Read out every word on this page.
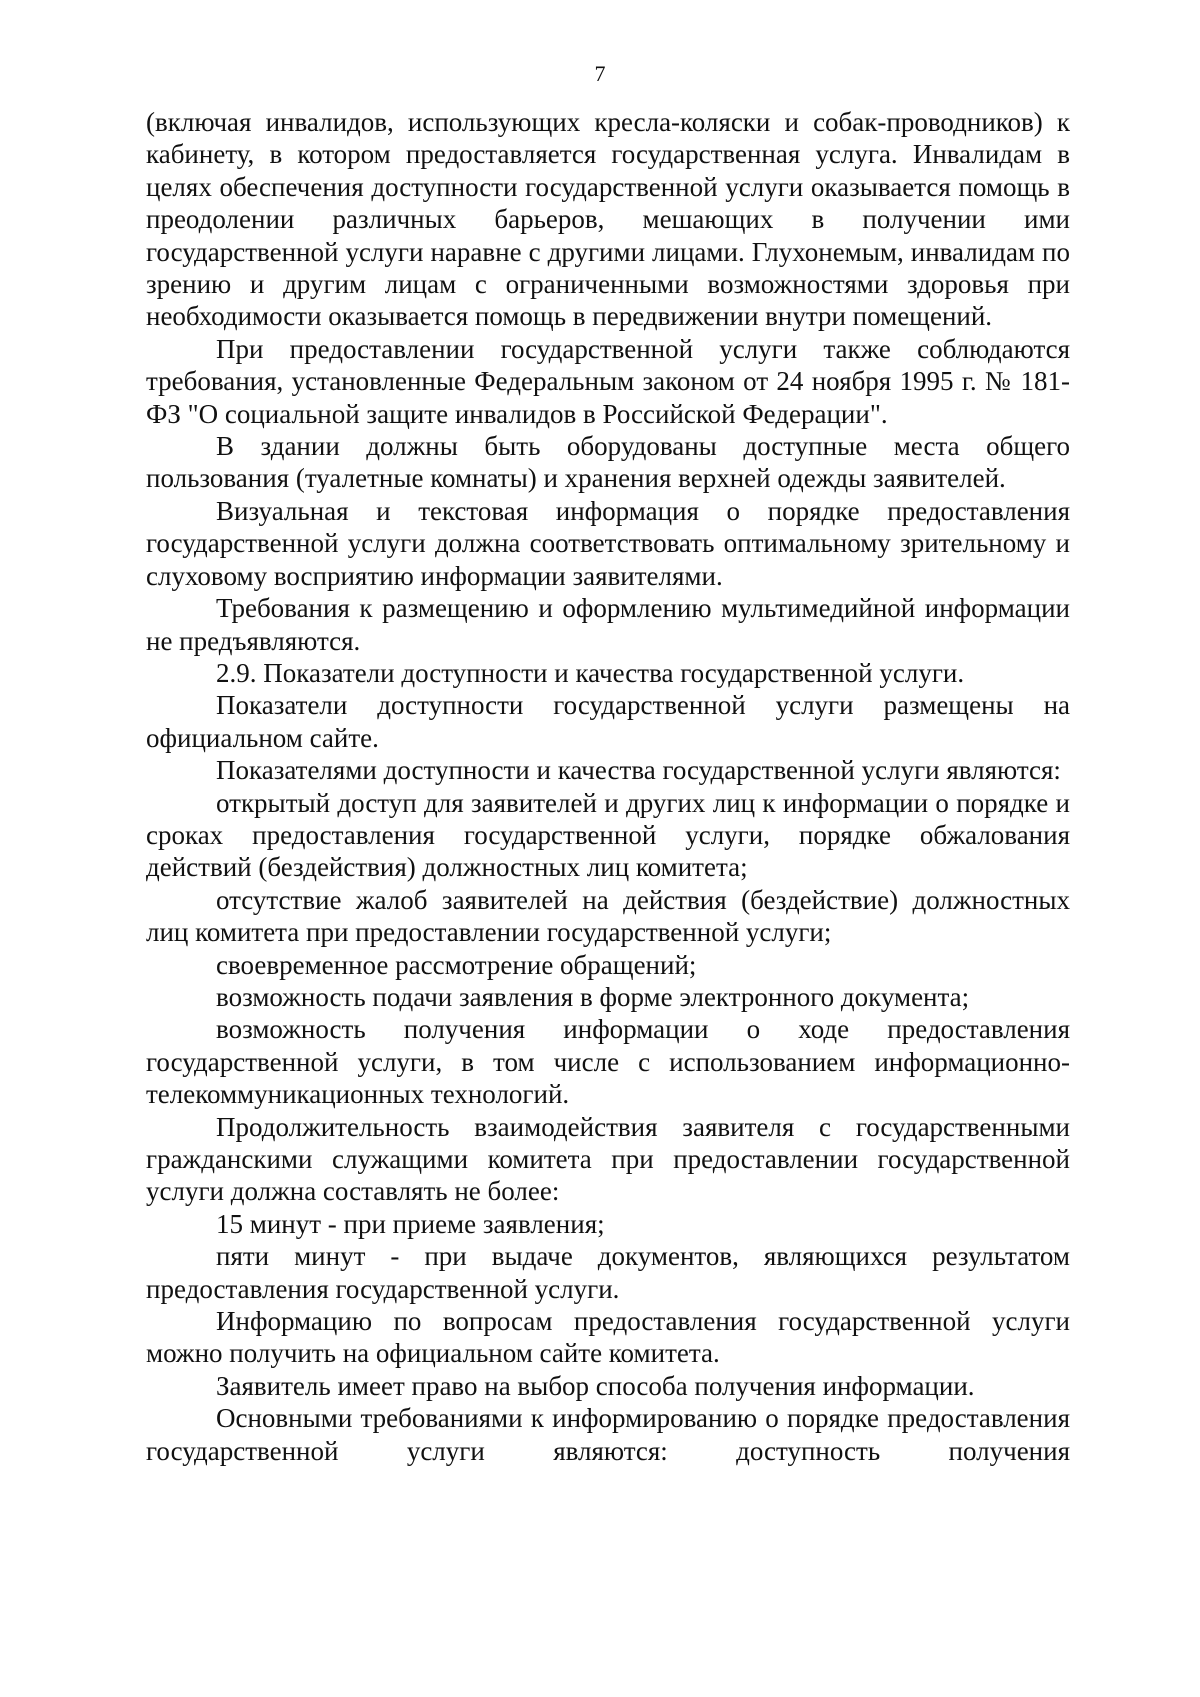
7

(включая инвалидов, использующих кресла-коляски и собак-проводников) к кабинету, в котором предоставляется государственная услуга. Инвалидам в целях обеспечения доступности государственной услуги оказывается помощь в преодолении различных барьеров, мешающих в получении ими государственной услуги наравне с другими лицами. Глухонемым, инвалидам по зрению и другим лицам с ограниченными возможностями здоровья при необходимости оказывается помощь в передвижении внутри помещений.

При предоставлении государственной услуги также соблюдаются требования, установленные Федеральным законом от 24 ноября 1995 г. № 181-ФЗ "О социальной защите инвалидов в Российской Федерации".

В здании должны быть оборудованы доступные места общего пользования (туалетные комнаты) и хранения верхней одежды заявителей.

Визуальная и текстовая информация о порядке предоставления государственной услуги должна соответствовать оптимальному зрительному и слуховому восприятию информации заявителями.

Требования к размещению и оформлению мультимедийной информации не предъявляются.

2.9. Показатели доступности и качества государственной услуги.

Показатели доступности государственной услуги размещены на официальном сайте.

Показателями доступности и качества государственной услуги являются:

открытый доступ для заявителей и других лиц к информации о порядке и сроках предоставления государственной услуги, порядке обжалования действий (бездействия) должностных лиц комитета;

отсутствие жалоб заявителей на действия (бездействие) должностных лиц комитета при предоставлении государственной услуги;

своевременное рассмотрение обращений;

возможность подачи заявления в форме электронного документа;

возможность получения информации о ходе предоставления государственной услуги, в том числе с использованием информационно-телекоммуникационных технологий.

Продолжительность взаимодействия заявителя с государственными гражданскими служащими комитета при предоставлении государственной услуги должна составлять не более:

15 минут - при приеме заявления;

пяти минут - при выдаче документов, являющихся результатом предоставления государственной услуги.

Информацию по вопросам предоставления государственной услуги можно получить на официальном сайте комитета.

Заявитель имеет право на выбор способа получения информации.

Основными требованиями к информированию о порядке предоставления государственной услуги являются: доступность получения
